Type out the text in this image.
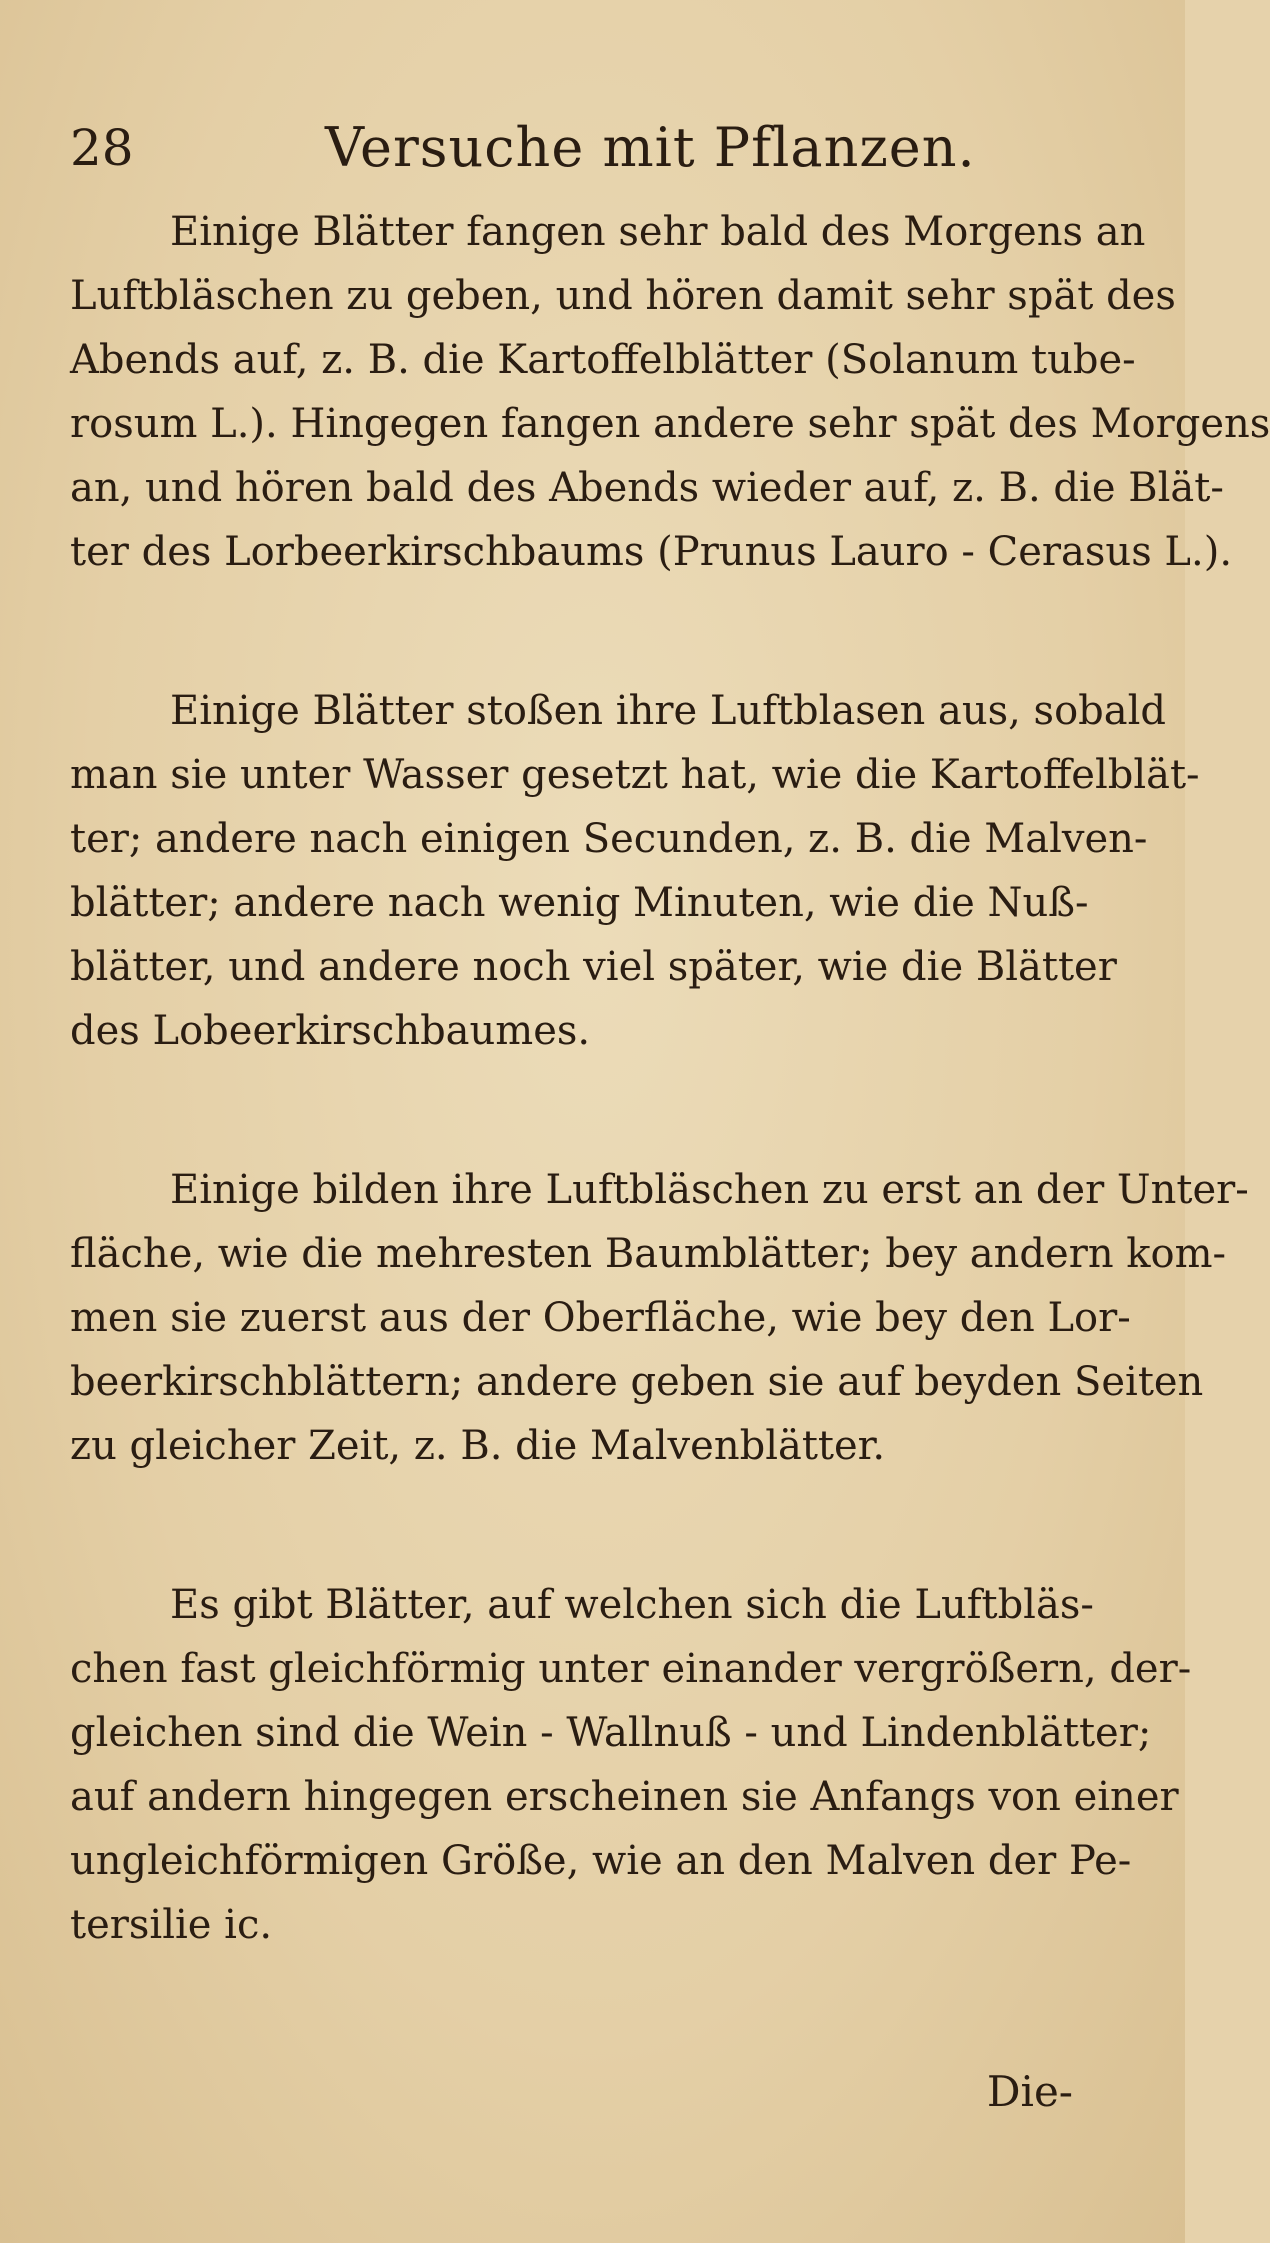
28	Versuche mit Pflanzen.

Einige Blätter fangen sehr bald des Morgens an
Luftbläschen zu geben, und hören damit sehr spät des
Abends auf, z. B. die Kartoffelblätter (Solanum tube-
rosum L.). Hingegen fangen andere sehr spät des Morgens
an, und hören bald des Abends wieder auf, z. B. die Blät-
ter des Lorbeerkirschbaums (Prunus Lauro - Cerasus L.).

Einige Blätter stoßen ihre Luftblasen aus, sobald
man sie unter Wasser gesetzt hat, wie die Kartoffelblät-
ter; andere nach einigen Secunden, z. B. die Malven-
blätter; andere nach wenig Minuten, wie die Nuß-
blätter, und andere noch viel später, wie die Blätter
des Lobeerkirschbaumes.

Einige bilden ihre Luftbläschen zu erst an der Unter-
fläche, wie die mehresten Baumblätter; bey andern kom-
men sie zuerst aus der Oberfläche, wie bey den Lor-
beerkirschblättern; andere geben sie auf beyden Seiten
zu gleicher Zeit, z. B. die Malvenblätter.

Es gibt Blätter, auf welchen sich die Luftbläs-
chen fast gleichförmig unter einander vergrößern, der-
gleichen sind die Wein - Wallnuß - und Lindenblätter;
auf andern hingegen erscheinen sie Anfangs von einer
ungleichförmigen Größe, wie an den Malven der Pe-
tersilie ic.

Die-
